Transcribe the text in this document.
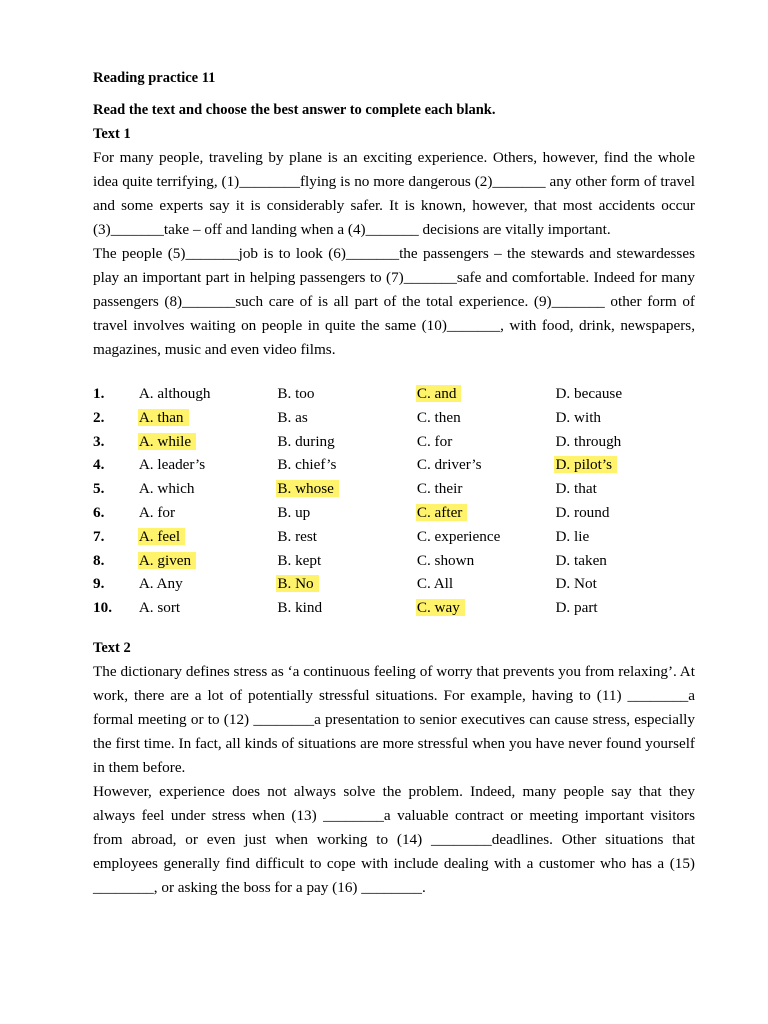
Reading practice 11
Read the text and choose the best answer to complete each blank.
Text 1

For many people, traveling by plane is an exciting experience. Others, however, find the whole idea quite terrifying, (1)________flying is no more dangerous (2)_______ any other form of travel and some experts say it is considerably safer. It is known, however, that most accidents occur (3)_______take – off and landing when a (4)_______ decisions are vitally important.

The people (5)_______job is to look (6)_______the passengers – the stewards and stewardesses play an important part in helping passengers to (7)_______safe and comfortable. Indeed for many passengers (8)_______such care of is all part of the total experience. (9)_______ other form of travel involves waiting on people in quite the same (10)_______, with food, drink, newspapers, magazines, music and even video films.

1.	A. although	B. too	C. and	D. because
2.	A. than	B. as	C. then	D. with
3.	A. while	B. during	C. for	D. through
4.	A. leader’s	B. chief’s	C. driver’s	D. pilot’s
5.	A. which	B. whose	C. their	D. that
6.	A. for	B. up	C. after	D. round
7.	A. feel	B. rest	C. experience	D. lie
8.	A. given	B. kept	C. shown	D. taken
9.	A. Any	B. No	C. All	D. Not
10.	A. sort	B. kind	C. way	D. part
Text 2

The dictionary defines stress as ‘a continuous feeling of worry that prevents you from relaxing’. At work, there are a lot of potentially stressful situations. For example, having to (11) ________a formal meeting or to (12) ________a presentation to senior executives can cause stress, especially the first time. In fact, all kinds of situations are more stressful when you have never found yourself in them before.

However, experience does not always solve the problem. Indeed, many people say that they always feel under stress when (13) ________a valuable contract or meeting important visitors from abroad, or even just when working to (14) ________deadlines. Other situations that employees generally find difficult to cope with include dealing with a customer who has a (15) ________, or asking the boss for a pay (16) ________.
